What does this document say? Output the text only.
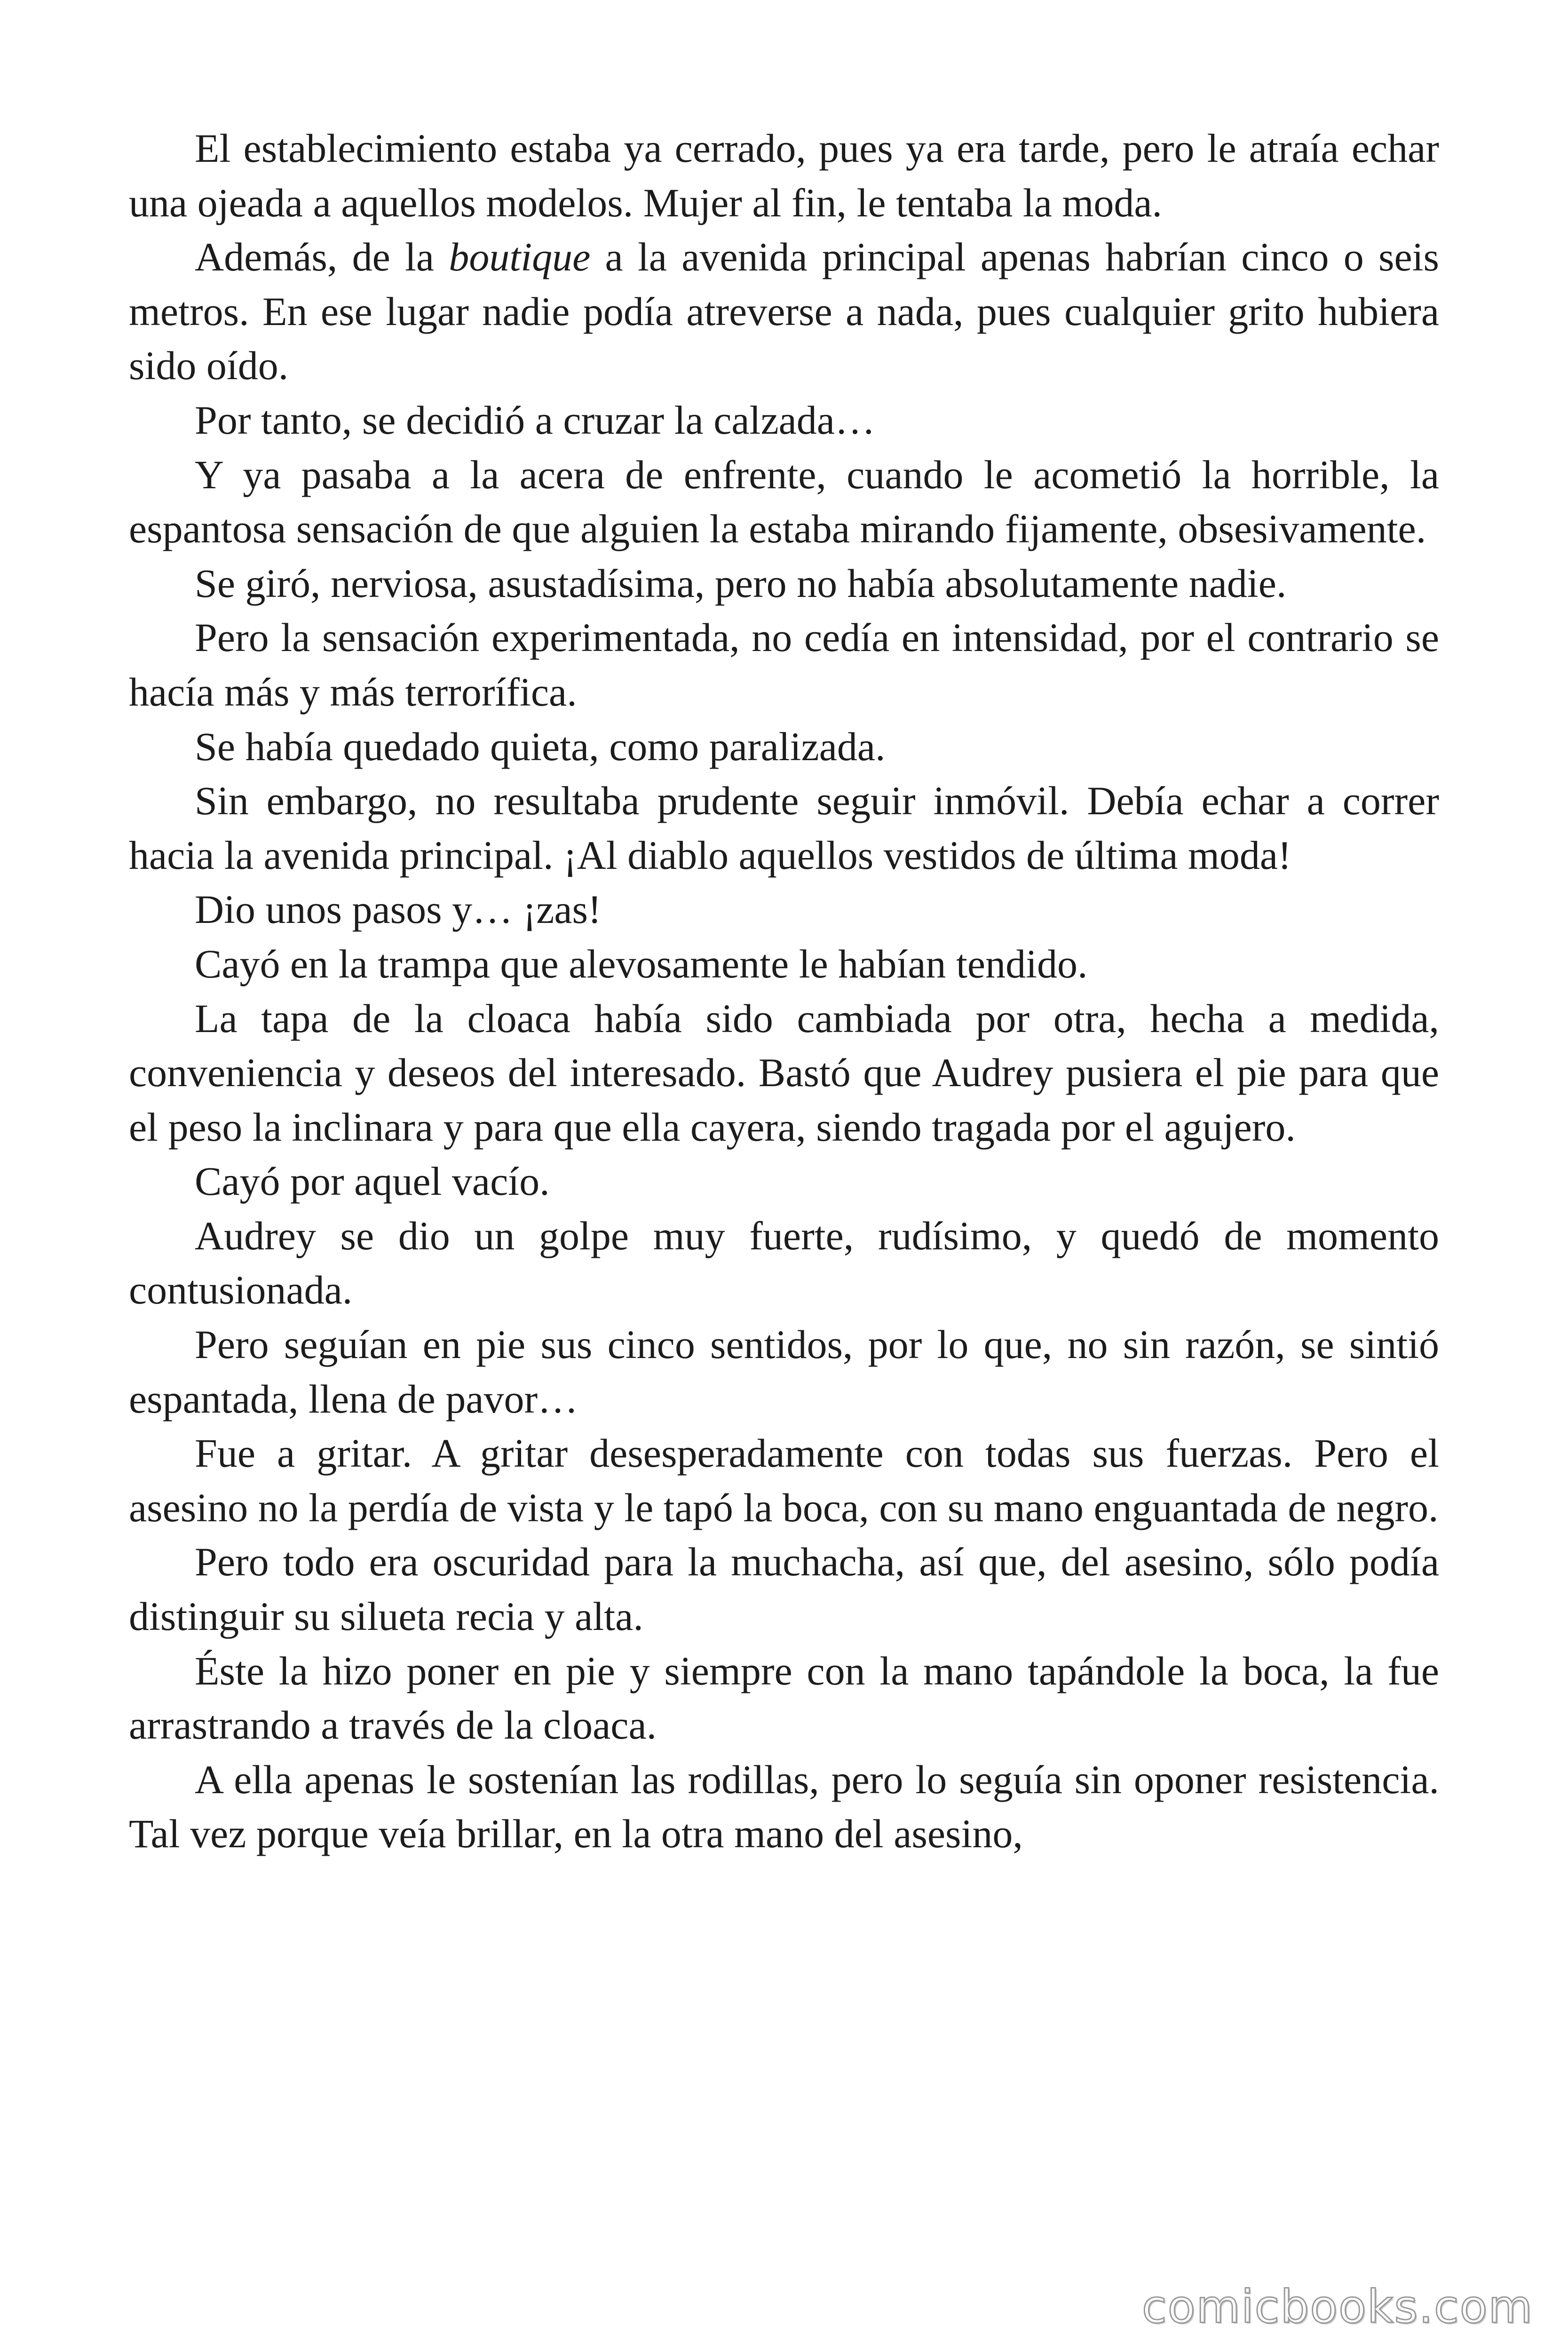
El establecimiento estaba ya cerrado, pues ya era tarde, pero le atraía echar una ojeada a aquellos modelos. Mujer al fin, le tentaba la moda.

Además, de la boutique a la avenida principal apenas habrían cinco o seis metros. En ese lugar nadie podía atreverse a nada, pues cualquier grito hubiera sido oído.

Por tanto, se decidió a cruzar la calzada…

Y ya pasaba a la acera de enfrente, cuando le acometió la horrible, la espantosa sensación de que alguien la estaba mirando fijamente, obsesivamente.

Se giró, nerviosa, asustadísima, pero no había absolutamente nadie.

Pero la sensación experimentada, no cedía en intensidad, por el contrario se hacía más y más terrorífica.

Se había quedado quieta, como paralizada.

Sin embargo, no resultaba prudente seguir inmóvil. Debía echar a correr hacia la avenida principal. ¡Al diablo aquellos vestidos de última moda!

Dio unos pasos y… ¡zas!

Cayó en la trampa que alevosamente le habían tendido.

La tapa de la cloaca había sido cambiada por otra, hecha a medida, conveniencia y deseos del interesado. Bastó que Audrey pusiera el pie para que el peso la inclinara y para que ella cayera, siendo tragada por el agujero.

Cayó por aquel vacío.

Audrey se dio un golpe muy fuerte, rudísimo, y quedó de momento contusionada.

Pero seguían en pie sus cinco sentidos, por lo que, no sin razón, se sintió espantada, llena de pavor…

Fue a gritar. A gritar desesperadamente con todas sus fuerzas. Pero el asesino no la perdía de vista y le tapó la boca, con su mano enguantada de negro.

Pero todo era oscuridad para la muchacha, así que, del asesino, sólo podía distinguir su silueta recia y alta.

Éste la hizo poner en pie y siempre con la mano tapándole la boca, la fue arrastrando a través de la cloaca.

A ella apenas le sostenían las rodillas, pero lo seguía sin oponer resistencia. Tal vez porque veía brillar, en la otra mano del asesino,

comicbooks.com
